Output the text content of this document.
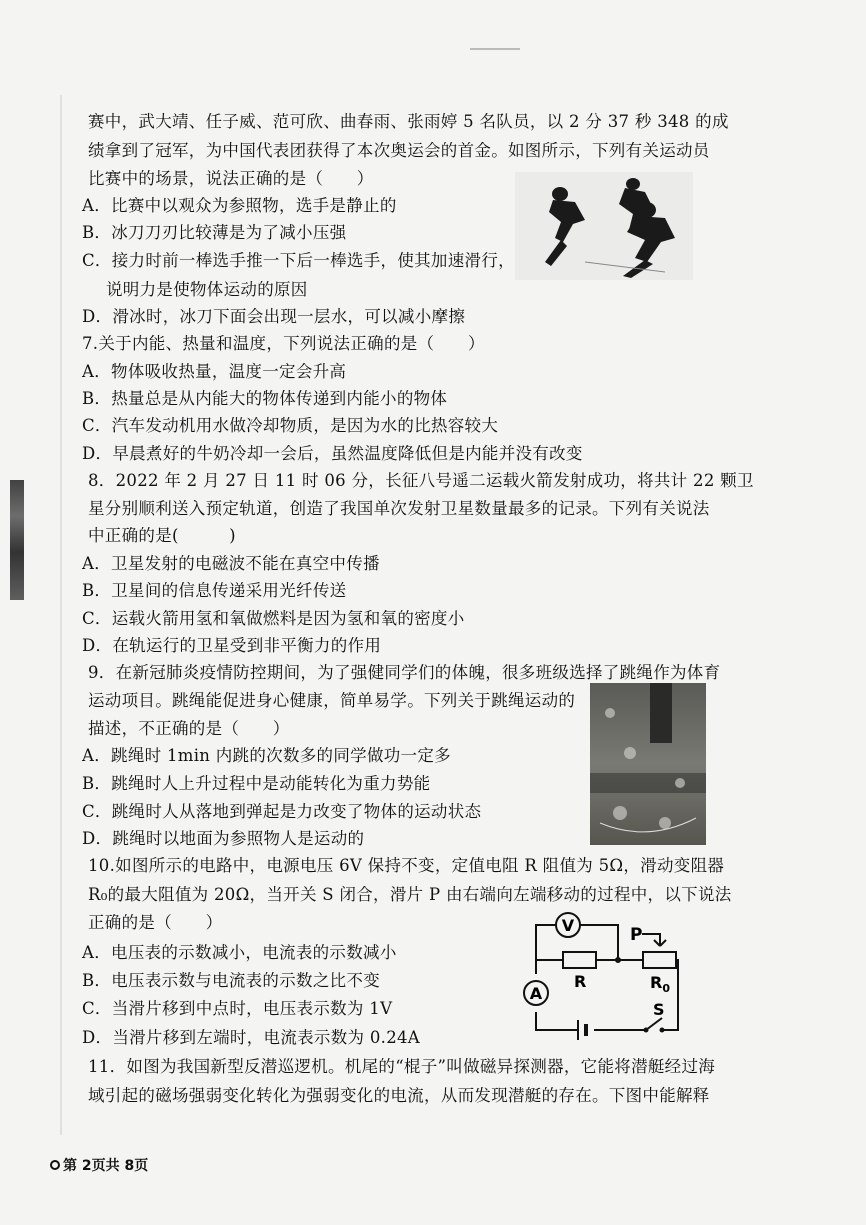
赛中，武大靖、任子威、范可欣、曲春雨、张雨婷 5 名队员，以 2 分 37 秒 348 的成
绩拿到了冠军，为中国代表团获得了本次奥运会的首金。如图所示，下列有关运动员
比赛中的场景，说法正确的是（　　）
A．比赛中以观众为参照物，选手是静止的
B．冰刀刀刃比较薄是为了减小压强
C．接力时前一棒选手推一下后一棒选手，使其加速滑行，
说明力是使物体运动的原因
D．滑冰时，冰刀下面会出现一层水，可以减小摩擦
7.关于内能、热量和温度，下列说法正确的是（　　）
A．物体吸收热量，温度一定会升高
B．热量总是从内能大的物体传递到内能小的物体
C．汽车发动机用水做冷却物质，是因为水的比热容较大
D．早晨煮好的牛奶冷却一会后，虽然温度降低但是内能并没有改变
8．2022 年 2 月 27 日 11 时 06 分，长征八号遥二运载火箭发射成功，将共计 22 颗卫
星分别顺利送入预定轨道，创造了我国单次发射卫星数量最多的记录。下列有关说法
中正确的是(　　　)
A．卫星发射的电磁波不能在真空中传播
B．卫星间的信息传递采用光纤传送
C．运载火箭用氢和氧做燃料是因为氢和氧的密度小
D．在轨运行的卫星受到非平衡力的作用
9．在新冠肺炎疫情防控期间，为了强健同学们的体魄，很多班级选择了跳绳作为体育
运动项目。跳绳能促进身心健康，简单易学。下列关于跳绳运动的
描述，不正确的是（　　）
A．跳绳时 1min 内跳的次数多的同学做功一定多
B．跳绳时人上升过程中是动能转化为重力势能
C．跳绳时人从落地到弹起是力改变了物体的运动状态
D．跳绳时以地面为参照物人是运动的
10.如图所示的电路中，电源电压 6V 保持不变，定值电阻 R 阻值为 5Ω，滑动变阻器
R₀的最大阻值为 20Ω，当开关 S 闭合，滑片 P 由右端向左端移动的过程中，以下说法
正确的是（　　）
A．电压表的示数减小，电流表的示数减小
B．电压表示数与电流表的示数之比不变
C．当滑片移到中点时，电压表示数为 1V
D．当滑片移到左端时，电流表示数为 0.24A
V
A
P
R	$R_0$
S
11．如图为我国新型反潜巡逻机。机尾的“棍子”叫做磁异探测器，它能将潜艇经过海
域引起的磁场强弱变化转化为强弱变化的电流，从而发现潜艇的存在。下图中能解释
第 2页共 8页
